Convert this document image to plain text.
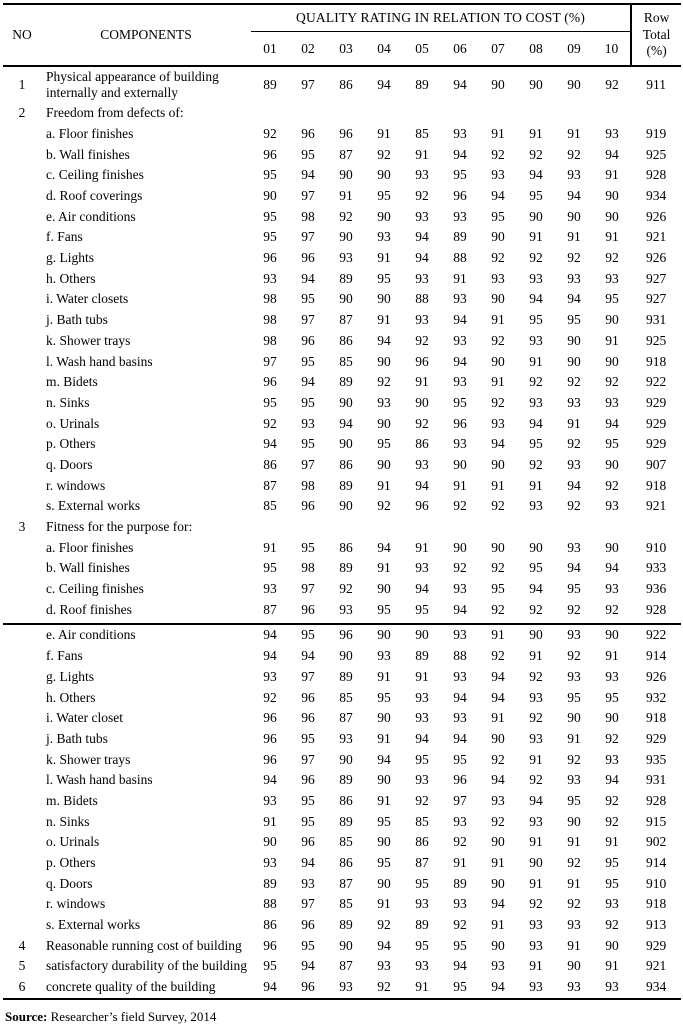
NO	COMPONENTS	QUALITY RATING IN RELATION TO COST (%)										Row Total (%)
		01	02	03	04	05	06	07	08	09	10	
1	Physical appearance of building internally and externally	89	97	86	94	89	94	90	90	90	92	911
2	Freedom from defects of:											
	a. Floor finishes	92	96	96	91	85	93	91	91	91	93	919
	b. Wall finishes	96	95	87	92	91	94	92	92	92	94	925
	c. Ceiling finishes	95	94	90	90	93	95	93	94	93	91	928
	d. Roof coverings	90	97	91	95	92	96	94	95	94	90	934
	e. Air conditions	95	98	92	90	93	93	95	90	90	90	926
	f. Fans	95	97	90	93	94	89	90	91	91	91	921
	g. Lights	96	96	93	91	94	88	92	92	92	92	926
	h. Others	93	94	89	95	93	91	93	93	93	93	927
	i. Water closets	98	95	90	90	88	93	90	94	94	95	927
	j. Bath tubs	98	97	87	91	93	94	91	95	95	90	931
	k. Shower trays	98	96	86	94	92	93	92	93	90	91	925
	l. Wash hand basins	97	95	85	90	96	94	90	91	90	90	918
	m. Bidets	96	94	89	92	91	93	91	92	92	92	922
	n. Sinks	95	95	90	93	90	95	92	93	93	93	929
	o. Urinals	92	93	94	90	92	96	93	94	91	94	929
	p. Others	94	95	90	95	86	93	94	95	92	95	929
	q. Doors	86	97	86	90	93	90	90	92	93	90	907
	r. windows	87	98	89	91	94	91	91	91	94	92	918
	s. External works	85	96	90	92	96	92	92	93	92	93	921
3	Fitness for the purpose for:											
	a. Floor finishes	91	95	86	94	91	90	90	90	93	90	910
	b. Wall finishes	95	98	89	91	93	92	92	95	94	94	933
	c. Ceiling finishes	93	97	92	90	94	93	95	94	95	93	936
	d. Roof finishes	87	96	93	95	95	94	92	92	92	92	928
	e. Air conditions	94	95	96	90	90	93	91	90	93	90	922
	f. Fans	94	94	90	93	89	88	92	91	92	91	914
	g. Lights	93	97	89	91	91	93	94	92	93	93	926
	h. Others	92	96	85	95	93	94	94	93	95	95	932
	i. Water closet	96	96	87	90	93	93	91	92	90	90	918
	j. Bath tubs	96	95	93	91	94	94	90	93	91	92	929
	k. Shower trays	96	97	90	94	95	95	92	91	92	93	935
	l. Wash hand basins	94	96	89	90	93	96	94	92	93	94	931
	m. Bidets	93	95	86	91	92	97	93	94	95	92	928
	n. Sinks	91	95	89	95	85	93	92	93	90	92	915
	o. Urinals	90	96	85	90	86	92	90	91	91	91	902
	p. Others	93	94	86	95	87	91	91	90	92	95	914
	q. Doors	89	93	87	90	95	89	90	91	91	95	910
	r. windows	88	97	85	91	93	93	94	92	92	93	918
	s. External works	86	96	89	92	89	92	91	93	93	92	913
4	Reasonable running cost of building	96	95	90	94	95	95	90	93	91	90	929
5	satisfactory durability of the building	95	94	87	93	93	94	93	91	90	91	921
6	concrete quality of the building	94	96	93	92	91	95	94	93	93	93	934

Source: Researcher’s field Survey, 2014
